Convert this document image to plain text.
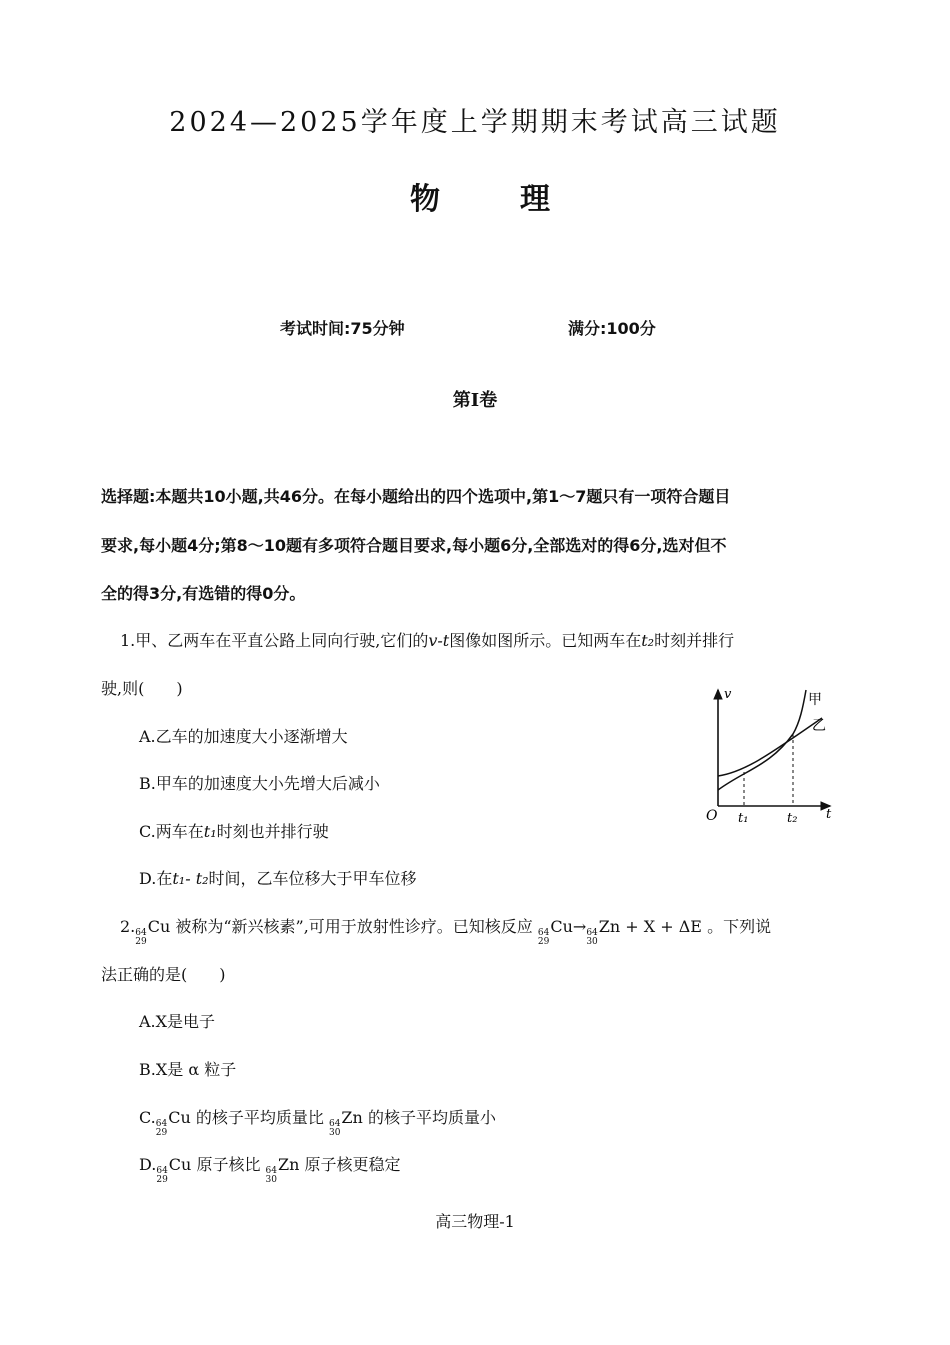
2024—2025学年度上学期期末考试高三试题
物	理
考试时间:75分钟	满分:100分
第Ⅰ卷
选择题:本题共10小题,共46分。在每小题给出的四个选项中,第1～7题只有一项符合题目
要求,每小题4分;第8～10题有多项符合题目要求,每小题6分,全部选对的得6分,选对但不
全的得3分,有选错的得0分。
1.甲、乙两车在平直公路上同向行驶,它们的v-t图像如图所示。已知两车在t₂时刻并排行
驶,则(　　)
A.乙车的加速度大小逐渐增大
B.甲车的加速度大小先增大后减小
C.两车在t₁时刻也并排行驶
D.在t₁- t₂时间，乙车位移大于甲车位移
v
t
O t₁	t₂
甲
乙
2. 64
29
Cu 被称为“新兴核素”,可用于放射性诊疗。已知核反应 64
29
Cu→ 64
30
Zn + X + ΔE 。下列说
法正确的是(　　)
A.X是电子
B.X是 α 粒子
C. 64
29
Cu 的核子平均质量比 64
30
Zn 的核子平均质量小
D. 64
29
Cu 原子核比 64
30
Zn 原子核更稳定
高三物理-1
